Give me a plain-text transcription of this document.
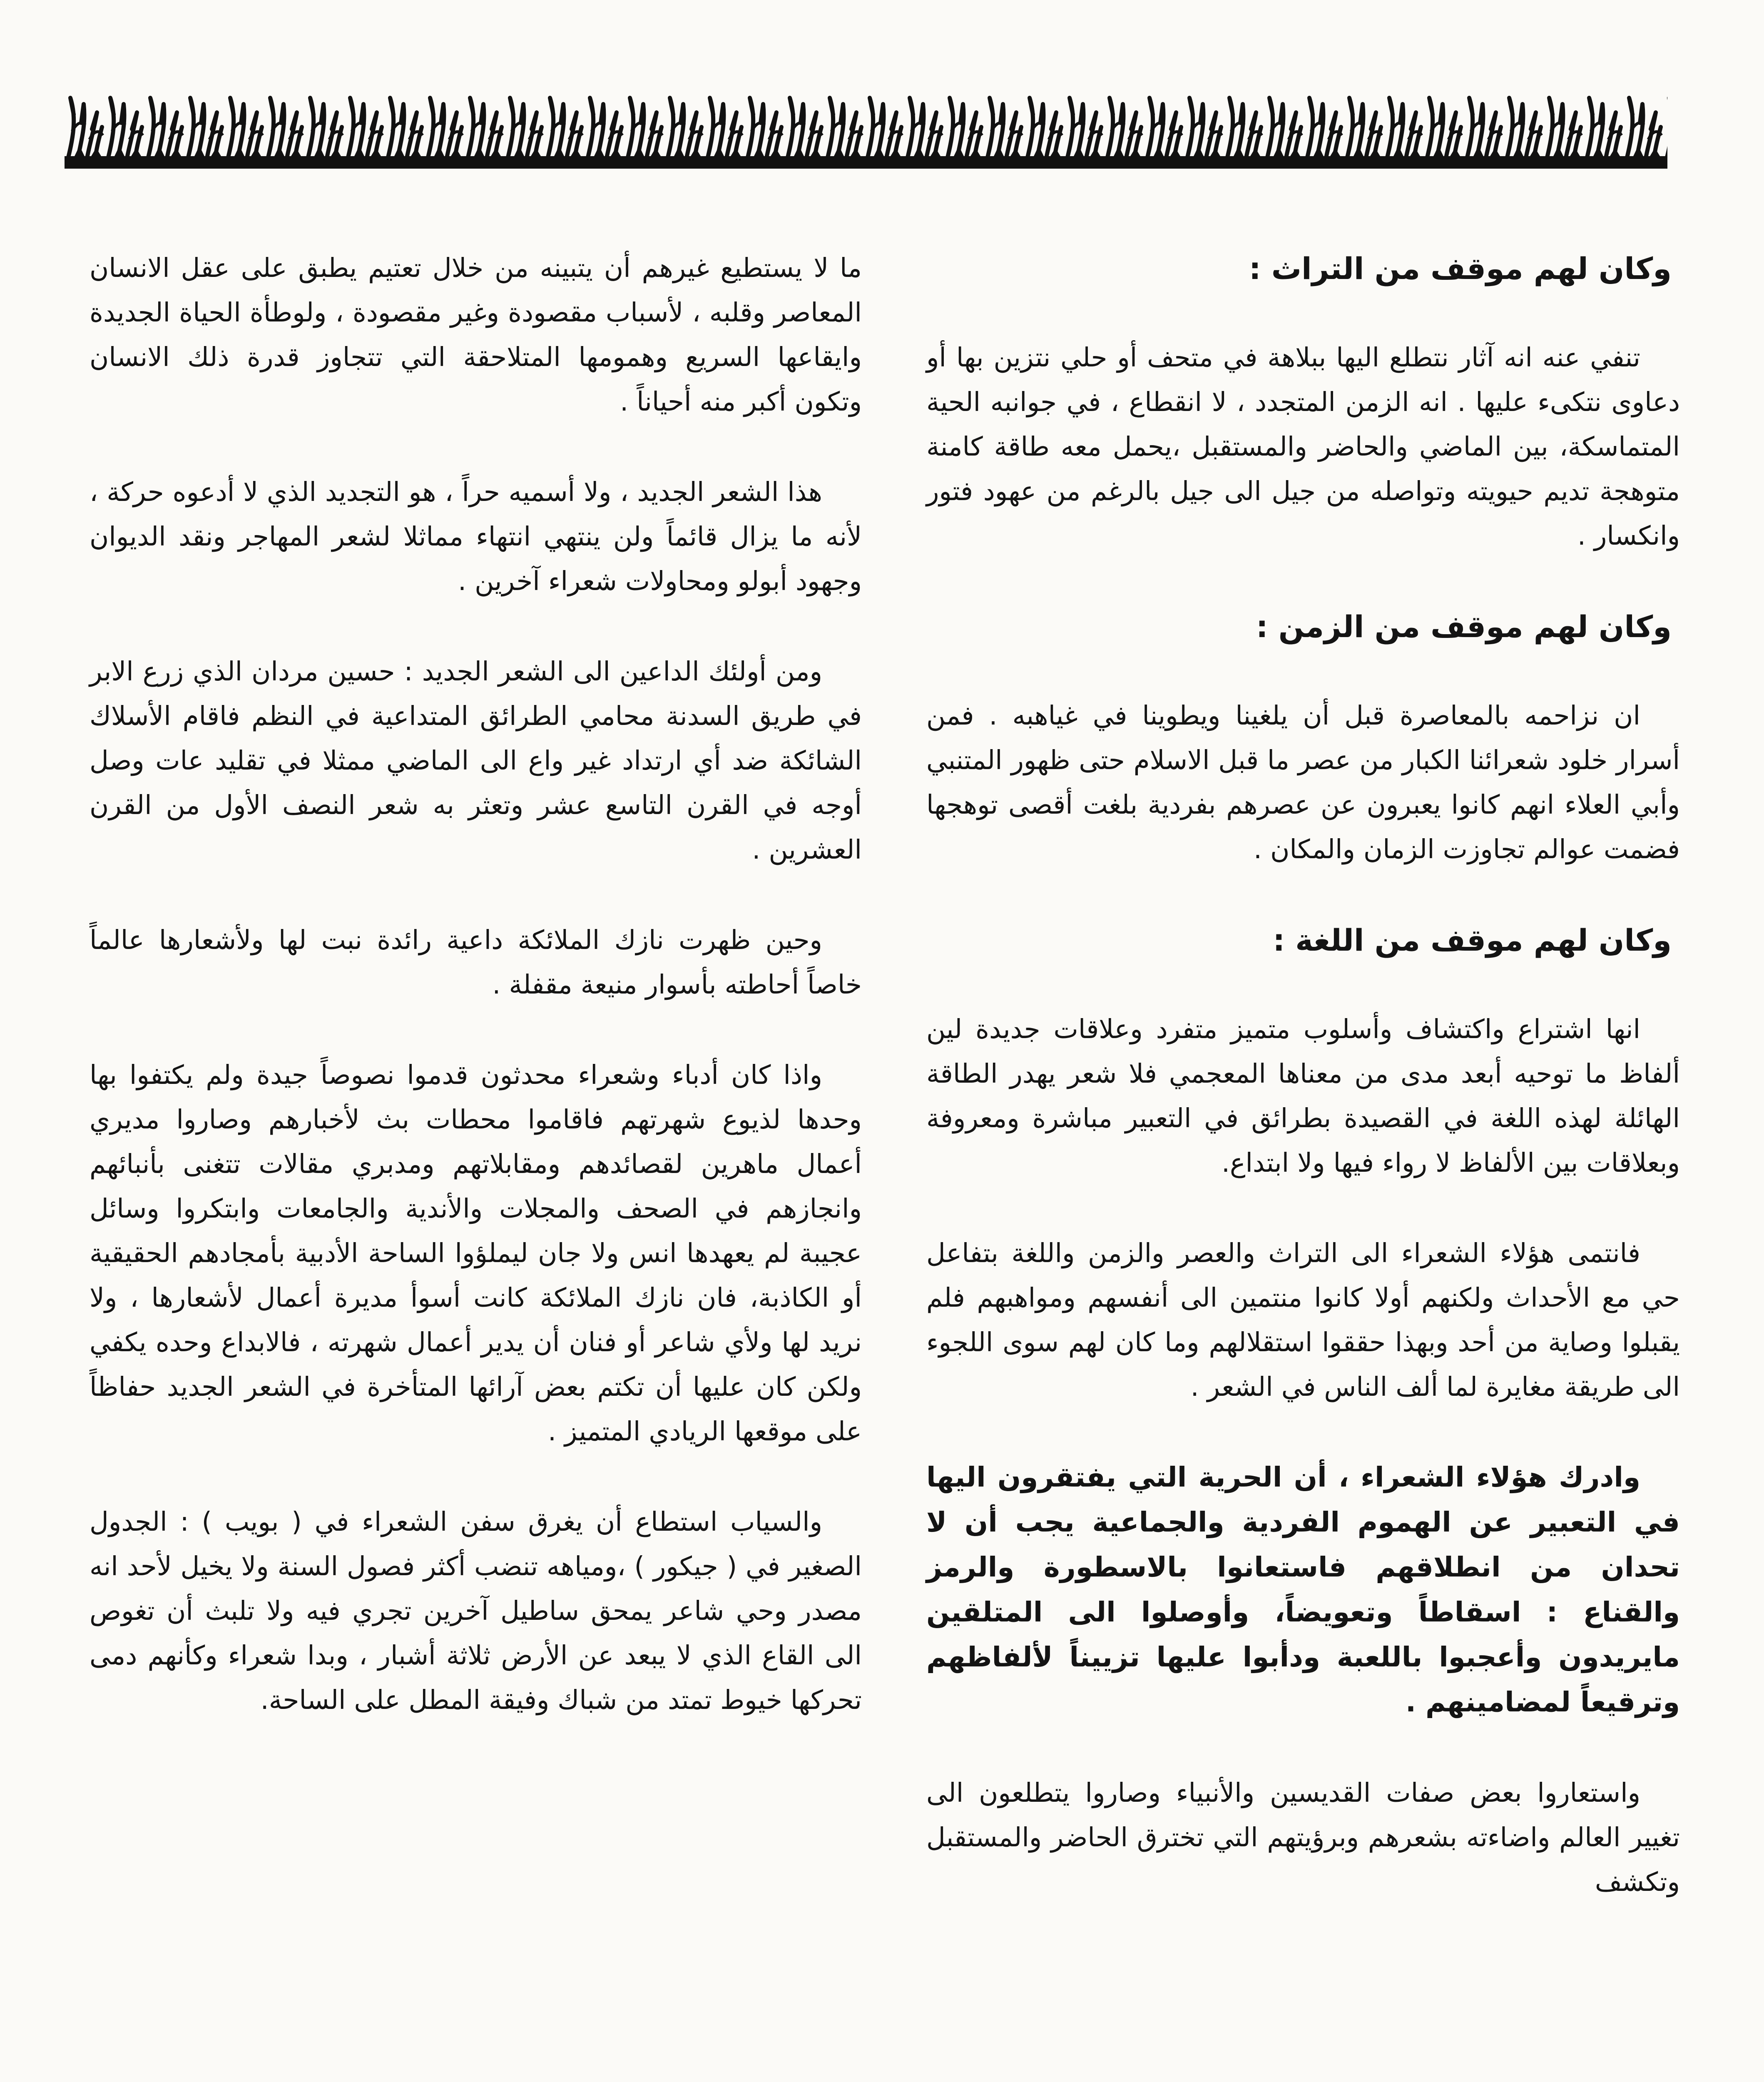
وكان لهم موقف من التراث :

تنفي عنه انه آثار نتطلع اليها ببلاهة في متحف أو حلي نتزين بها أو دعاوى نتكىء عليها . انه الزمن المتجدد ، لا انقطاع ، في جوانبه الحية المتماسكة، بين الماضي والحاضر والمستقبل ،يحمل معه طاقة كامنة متوهجة تديم حيويته وتواصله من جيل الى جيل بالرغم من عهود فتور وانكسار .

وكان لهم موقف من الزمن :

ان نزاحمه بالمعاصرة قبل أن يلغينا ويطوينا في غياهبه . فمن أسرار خلود شعرائنا الكبار من عصر ما قبل الاسلام حتى ظهور المتنبي وأبي العلاء انهم كانوا يعبرون عن عصرهم بفردية بلغت أقصى توهجها فضمت عوالم تجاوزت الزمان والمكان .

وكان لهم موقف من اللغة :

انها اشتراع واكتشاف وأسلوب متميز متفرد وعلاقات جديدة لين ألفاظ ما توحيه أبعد مدى من معناها المعجمي فلا شعر يهدر الطاقة الهائلة لهذه اللغة في القصيدة بطرائق في التعبير مباشرة ومعروفة وبعلاقات بين الألفاظ لا رواء فيها ولا ابتداع.

فانتمى هؤلاء الشعراء الى التراث والعصر والزمن واللغة بتفاعل حي مع الأحداث ولكنهم أولا كانوا منتمين الى أنفسهم ومواهبهم فلم يقبلوا وصاية من أحد وبهذا حققوا استقلالهم وما كان لهم سوى اللجوء الى طريقة مغايرة لما ألف الناس في الشعر .

وادرك هؤلاء الشعراء ، أن الحرية التي يفتقرون اليها في التعبير عن الهموم الفردية والجماعية يجب أن لا تحدان من انطلاقهم فاستعانوا بالاسطورة والرمز والقناع : اسقاطاً وتعويضاً، وأوصلوا الى المتلقين مايريدون وأعجبوا باللعبة ودأبوا عليها تزييناً لألفاظهم وترقيعاً لمضامينهم .

واستعاروا بعض صفات القديسين والأنبياء وصاروا يتطلعون الى تغيير العالم واضاءته بشعرهم وبرؤيتهم التي تخترق الحاضر والمستقبل وتكشف

ما لا يستطيع غيرهم أن يتبينه من خلال تعتيم يطبق على عقل الانسان المعاصر وقلبه ، لأسباب مقصودة وغير مقصودة ، ولوطأة الحياة الجديدة وايقاعها السريع وهمومها المتلاحقة التي تتجاوز قدرة ذلك الانسان وتكون أكبر منه أحياناً .

هذا الشعر الجديد ، ولا أسميه حراً ، هو التجديد الذي لا أدعوه حركة ، لأنه ما يزال قائماً ولن ينتهي انتهاء مماثلا لشعر المهاجر ونقد الديوان وجهود أبولو ومحاولات شعراء آخرين .

ومن أولئك الداعين الى الشعر الجديد : حسين مردان الذي زرع الابر في طريق السدنة محامي الطرائق المتداعية في النظم فاقام الأسلاك الشائكة ضد أي ارتداد غير واع الى الماضي ممثلا في تقليد عات وصل أوجه في القرن التاسع عشر وتعثر به شعر النصف الأول من القرن العشرين .

وحين ظهرت نازك الملائكة داعية رائدة نبت لها ولأشعارها عالماً خاصاً أحاطته بأسوار منيعة مقفلة .

واذا كان أدباء وشعراء محدثون قدموا نصوصاً جيدة ولم يكتفوا بها وحدها لذيوع شهرتهم فاقاموا محطات بث لأخبارهم وصاروا مديري أعمال ماهرين لقصائدهم ومقابلاتهم ومدبري مقالات تتغنى بأنبائهم وانجازهم في الصحف والمجلات والأندية والجامعات وابتكروا وسائل عجيبة لم يعهدها انس ولا جان ليملؤوا الساحة الأدبية بأمجادهم الحقيقية أو الكاذبة، فان نازك الملائكة كانت أسوأ مديرة أعمال لأشعارها ، ولا نريد لها ولأي شاعر أو فنان أن يدير أعمال شهرته ، فالابداع وحده يكفي ولكن كان عليها أن تكتم بعض آرائها المتأخرة في الشعر الجديد حفاظاً على موقعها الريادي المتميز .

والسياب استطاع أن يغرق سفن الشعراء في ( بويب ) : الجدول الصغير في ( جيكور ) ،ومياهه تنضب أكثر فصول السنة ولا يخيل لأحد انه مصدر وحي شاعر يمحق ساطيل آخرين تجري فيه ولا تلبث أن تغوص الى القاع الذي لا يبعد عن الأرض ثلاثة أشبار ، وبدا شعراء وكأنهم دمى تحركها خيوط تمتد من شباك وفيقة المطل على الساحة.
